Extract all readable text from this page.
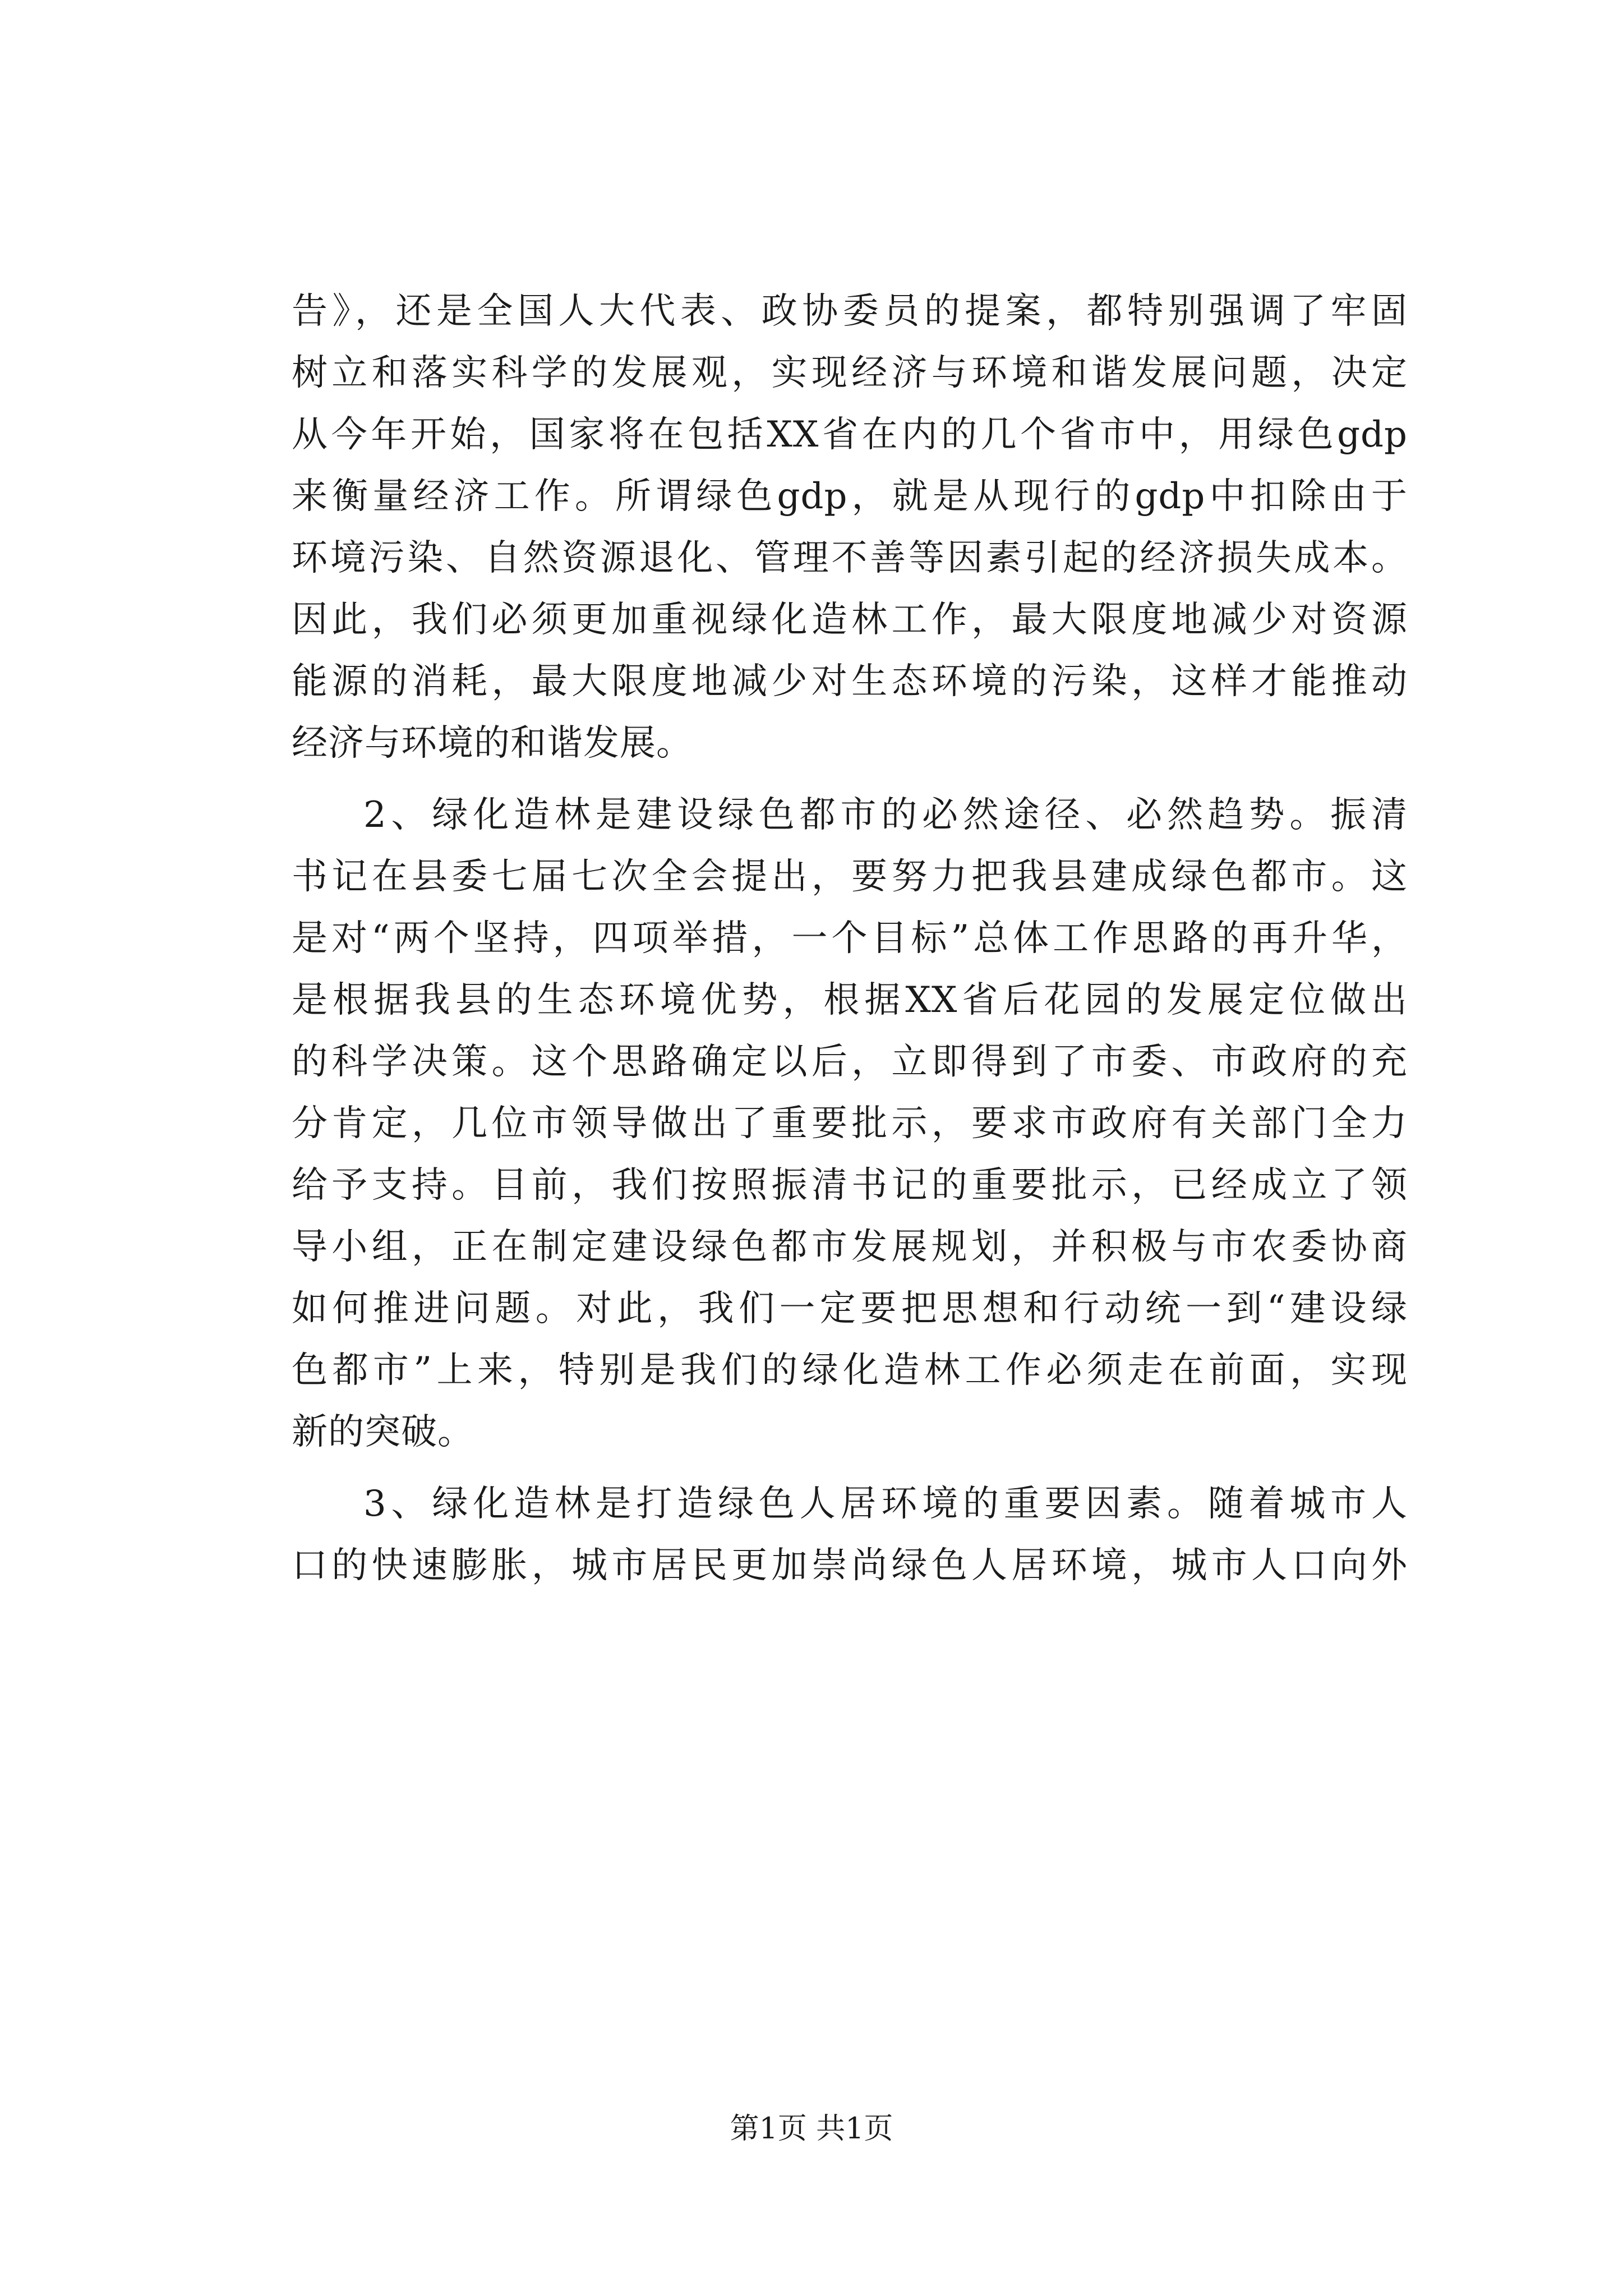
告》，还是全国人大代表、政协委员的提案，都特别强调了牢固
树立和落实科学的发展观，实现经济与环境和谐发展问题，决定
从今年开始，国家将在包括XX省在内的几个省市中，用绿色gdp
来衡量经济工作。所谓绿色gdp，就是从现行的gdp中扣除由于
环境污染、自然资源退化、管理不善等因素引起的经济损失成本。
因此，我们必须更加重视绿化造林工作，最大限度地减少对资源
能源的消耗，最大限度地减少对生态环境的污染，这样才能推动
经济与环境的和谐发展。
2、绿化造林是建设绿色都市的必然途径、必然趋势。振清
书记在县委七届七次全会提出，要努力把我县建成绿色都市。这
是对“两个坚持，四项举措，一个目标”总体工作思路的再升华，
是根据我县的生态环境优势，根据XX省后花园的发展定位做出
的科学决策。这个思路确定以后，立即得到了市委、市政府的充
分肯定，几位市领导做出了重要批示，要求市政府有关部门全力
给予支持。目前，我们按照振清书记的重要批示，已经成立了领
导小组，正在制定建设绿色都市发展规划，并积极与市农委协商
如何推进问题。对此，我们一定要把思想和行动统一到“建设绿
色都市”上来，特别是我们的绿化造林工作必须走在前面，实现
新的突破。
3、绿化造林是打造绿色人居环境的重要因素。随着城市人
口的快速膨胀，城市居民更加崇尚绿色人居环境，城市人口向外
第1页 共1页
